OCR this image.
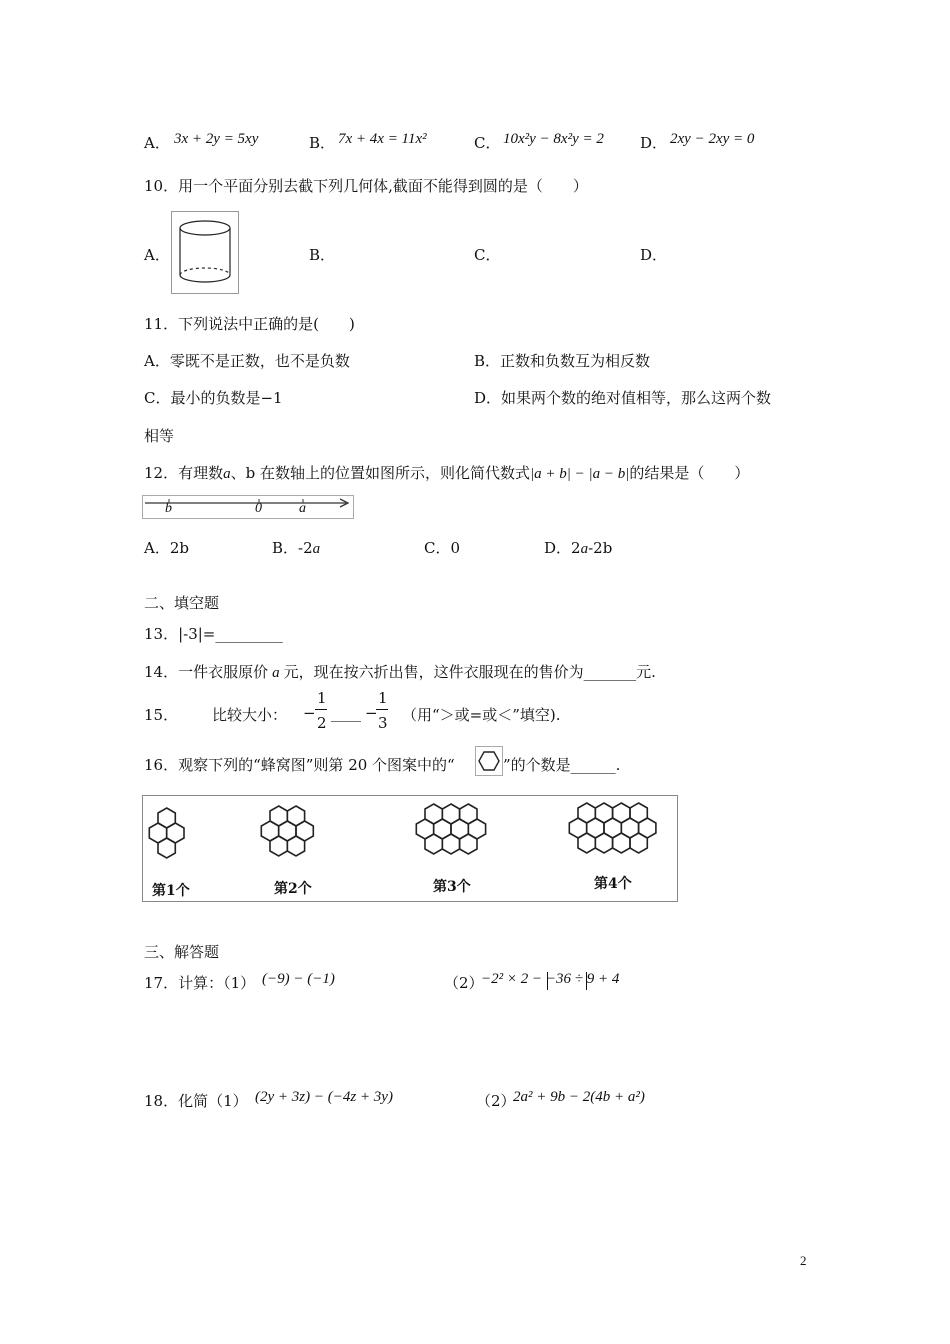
A． 3x + 2y = 5xy	B． 7x + 4x = 11x²	C． 10x²y − 8x²y = 2 D． 2xy − 2xy = 0
10．用一个平面分别去截下列几何体,截面不能得到圆的是（　　）
A．	B．	C．	D．
11．下列说法中正确的是(　　)
A．零既不是正数，也不是负数	B．正数和负数互为相反数
C．最小的负数是−1	D．如果两个数的绝对值相等，那么这两个数
相等
12．有理数a、b 在数轴上的位置如图所示，则化简代数式|a + b| − |a − b|的结果是（　　）
b	0	a
A．2b	B．-2a	C．0	D．2a-2b
二、填空题
13．|-3|=_________
14．一件衣服原价 a 元，现在按六折出售，这件衣服现在的售价为_______元.
15． 比较大小： −
1
2
____ −
1
3 （用“＞或=或＜”填空).
16．观察下列的“蜂窝图”则第 20 个图案中的“	”的个数是______.
第1个	第2个	第3个	第4个
三、解答题
17．计算：（1） (−9) − (−1)	（2）
−2² × 2 − −36 ÷ 9 + 4
18．化简（1） (2y + 3z) − (−4z + 3y)	（2）
2a² + 9b − 2(4b + a²)
2
